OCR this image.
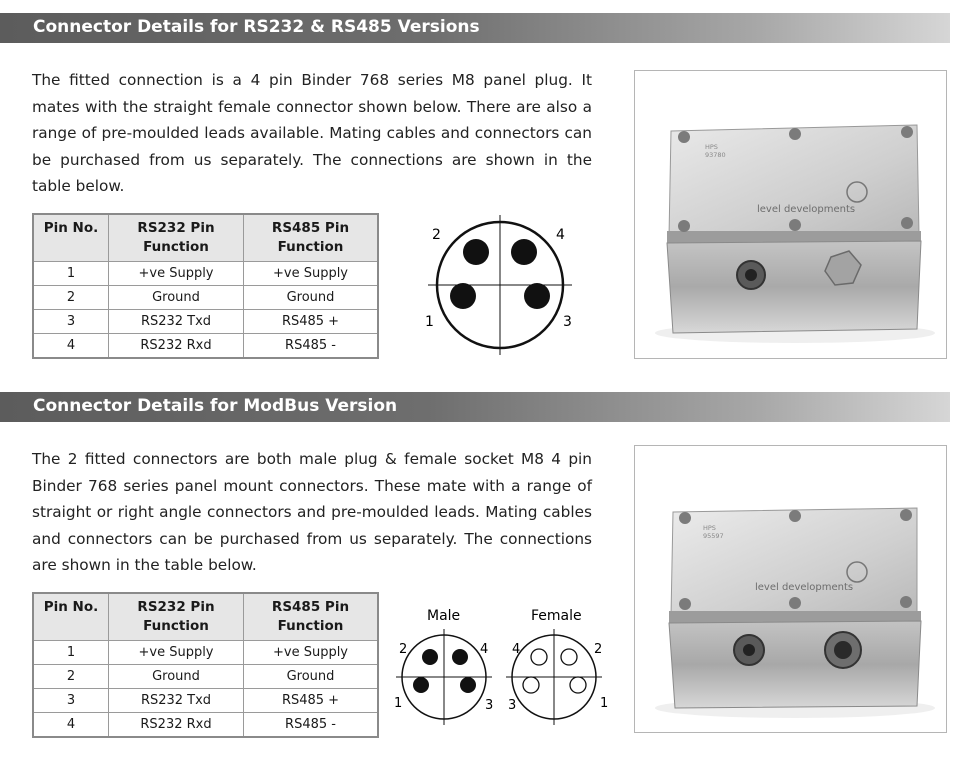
Connector Details for RS232 & RS485 Versions
The fitted connection is a 4 pin Binder 768 series M8 panel plug. It mates with the straight female connector shown below. There are also a range of pre-moulded leads available. Mating cables and connectors can be purchased from us separately. The connections are shown in the table below.
Pin No.	RS232 Pin Function	RS485 Pin Function
1	+ve Supply	+ve Supply
2	Ground	Ground
3	RS232 Txd	RS485 +
4	RS232 Rxd	RS485 -
2	4
1	3
HPS
93780
level developments
Connector Details for ModBus Version
The 2 fitted connectors are both male plug & female socket M8 4 pin Binder 768 series panel mount connectors. These mate with a range of straight or right angle connectors and pre-moulded leads. Mating cables and connectors can be purchased from us separately. The connections are shown in the table below.
Pin No.	RS232 Pin Function	RS485 Pin Function
1	+ve Supply	+ve Supply
2	Ground	Ground
3	RS232 Txd	RS485 +
4	RS232 Rxd	RS485 -
Male	Female
2	4
1	3
4	2
3	1
HPS
95597
level developments
